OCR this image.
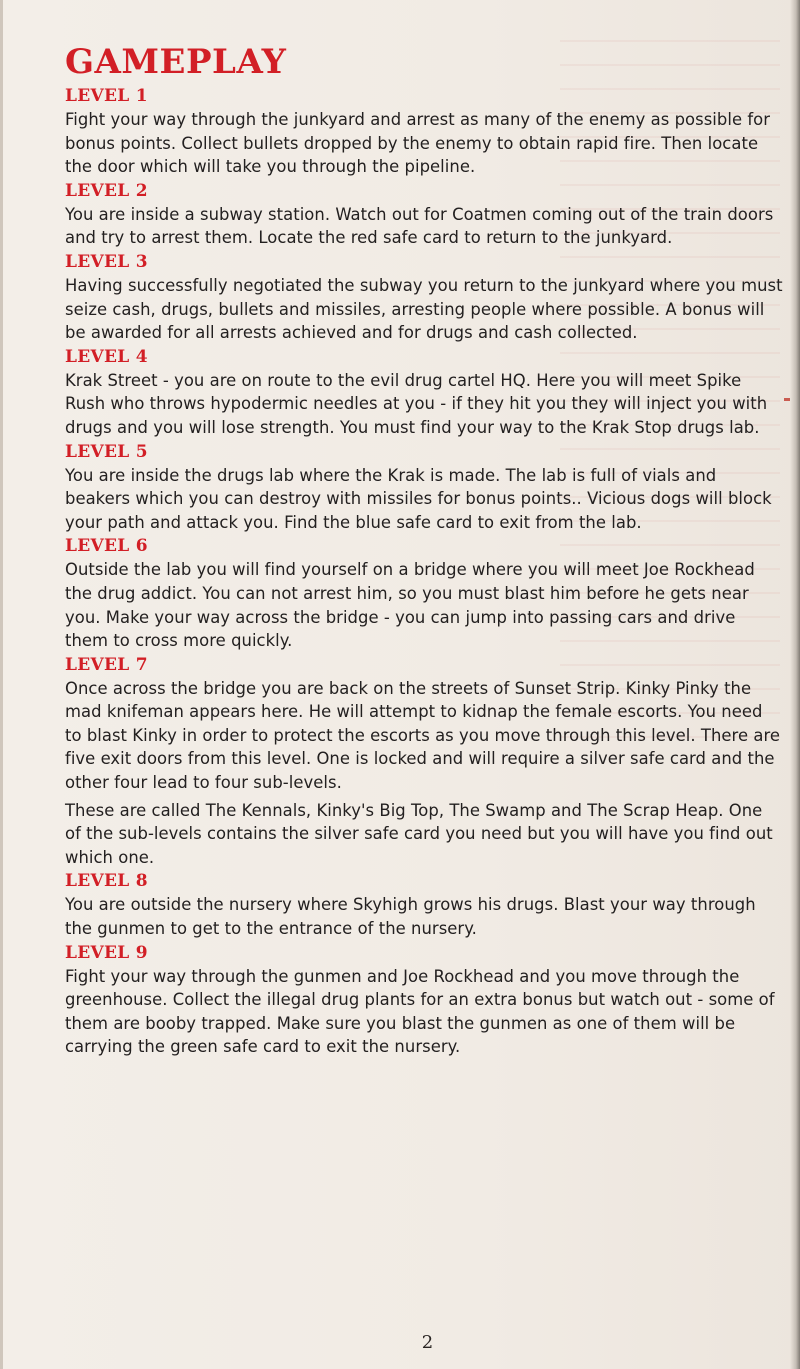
GAMEPLAY
LEVEL 1

Fight your way through the junkyard and arrest as many of the enemy as possible for bonus points. Collect bullets dropped by the enemy to obtain rapid fire. Then locate the door which will take you through the pipeline.

LEVEL 2

You are inside a subway station. Watch out for Coatmen coming out of the train doors and try to arrest them. Locate the red safe card to return to the junkyard.

LEVEL 3

Having successfully negotiated the subway you return to the junkyard where you must seize cash, drugs, bullets and missiles, arresting people where possible. A bonus will be awarded for all arrests achieved and for drugs and cash collected.

LEVEL 4

Krak Street - you are on route to the evil drug cartel HQ. Here you will meet Spike Rush who throws hypodermic needles at you - if they hit you they will inject you with drugs and you will lose strength. You must find your way to the Krak Stop drugs lab.

LEVEL 5

You are inside the drugs lab where the Krak is made. The lab is full of vials and beakers which you can destroy with missiles for bonus points.. Vicious dogs will block your path and attack you. Find the blue safe card to exit from the lab.

LEVEL 6

Outside the lab you will find yourself on a bridge where you will meet Joe Rockhead the drug addict. You can not arrest him, so you must blast him before he gets near you. Make your way across the bridge - you can jump into passing cars and drive them to cross more quickly.

LEVEL 7

Once across the bridge you are back on the streets of Sunset Strip. Kinky Pinky the mad knifeman appears here. He will attempt to kidnap the female escorts. You need to blast Kinky in order to protect the escorts as you move through this level. There are five exit doors from this level. One is locked and will require a silver safe card and the other four lead to four sub-levels.

These are called The Kennals, Kinky's Big Top, The Swamp and The Scrap Heap. One of the sub-levels contains the silver safe card you need but you will have you find out which one.

LEVEL 8

You are outside the nursery where Skyhigh grows his drugs. Blast your way through the gunmen to get to the entrance of the nursery.

LEVEL 9

Fight your way through the gunmen and Joe Rockhead and you move through the greenhouse. Collect the illegal drug plants for an extra bonus but watch out - some of them are booby trapped. Make sure you blast the gunmen as one of them will be carrying the green safe card to exit the nursery.

2
